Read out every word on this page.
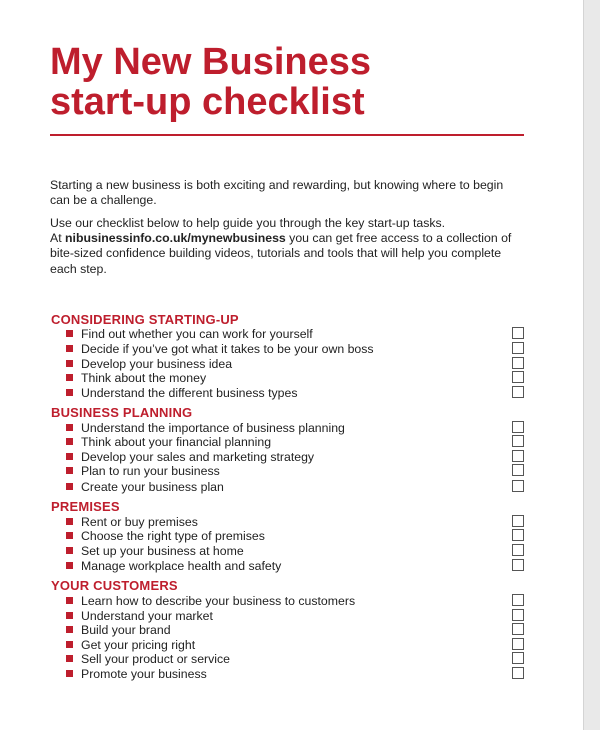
My New Business
start-up checklist

Starting a new business is both exciting and rewarding, but knowing where to begin can be a challenge.

Use our checklist below to help guide you through the key start-up tasks.
At nibusinessinfo.co.uk/mynewbusiness you can get free access to a collection of bite-sized confidence building videos, tutorials and tools that will help you complete each step.

CONSIDERING STARTING-UP
Find out whether you can work for yourself
Decide if you’ve got what it takes to be your own boss
Develop your business idea
Think about the money
Understand the different business types
BUSINESS PLANNING
Understand the importance of business planning
Think about your financial planning
Develop your sales and marketing strategy
Plan to run your business
Create your business plan
PREMISES
Rent or buy premises
Choose the right type of premises
Set up your business at home
Manage workplace health and safety
YOUR CUSTOMERS
Learn how to describe your business to customers
Understand your market
Build your brand
Get your pricing right
Sell your product or service
Promote your business
